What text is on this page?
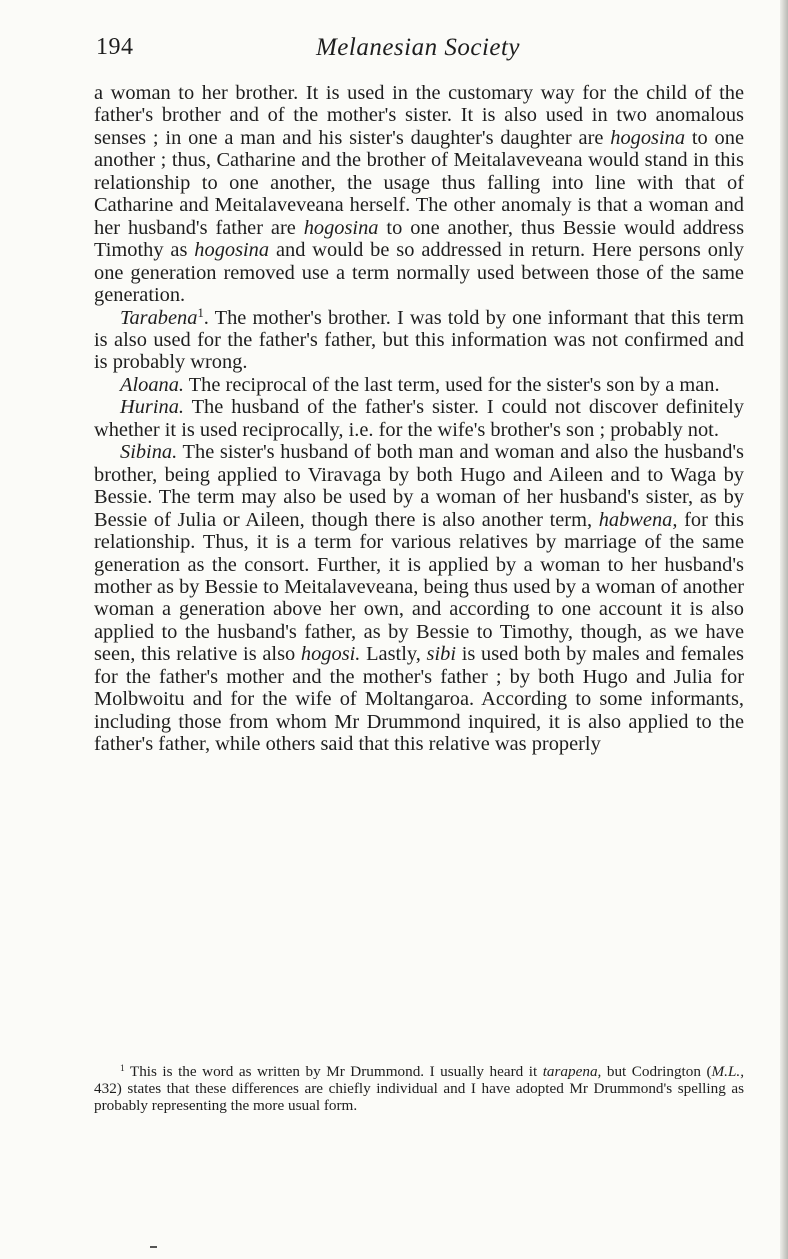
194	Melanesian Society

a woman to her brother. It is used in the customary way for the child of the father's brother and of the mother's sister. It is also used in two anomalous senses ; in one a man and his sister's daughter's daughter are hogosina to one another ; thus, Catharine and the brother of Meitalaveveana would stand in this relationship to one another, the usage thus falling into line with that of Catharine and Meitalaveveana herself. The other anomaly is that a woman and her husband's father are hogosina to one another, thus Bessie would address Timothy as hogosina and would be so addressed in return. Here persons only one generation removed use a term normally used between those of the same generation.

Tarabena$^1$. The mother's brother. I was told by one informant that this term is also used for the father's father, but this information was not confirmed and is probably wrong.

Aloana. The reciprocal of the last term, used for the sister's son by a man.

Hurina. The husband of the father's sister. I could not discover definitely whether it is used reciprocally, i.e. for the wife's brother's son ; probably not.

Sibina. The sister's husband of both man and woman and also the husband's brother, being applied to Viravaga by both Hugo and Aileen and to Waga by Bessie. The term may also be used by a woman of her husband's sister, as by Bessie of Julia or Aileen, though there is also another term, habwena, for this relationship. Thus, it is a term for various relatives by marriage of the same generation as the consort. Further, it is applied by a woman to her husband's mother as by Bessie to Meitalaveveana, being thus used by a woman of another woman a generation above her own, and according to one account it is also applied to the husband's father, as by Bessie to Timothy, though, as we have seen, this relative is also hogosi. Lastly, sibi is used both by males and females for the father's mother and the mother's father ; by both Hugo and Julia for Molbwoitu and for the wife of Moltangaroa. According to some informants, including those from whom Mr Drummond inquired, it is also applied to the father's father, while others said that this relative was properly

$^1$ This is the word as written by Mr Drummond. I usually heard it tarapena, but Codrington (M.L., 432) states that these differences are chiefly individual and I have adopted Mr Drummond's spelling as probably representing the more usual form.
